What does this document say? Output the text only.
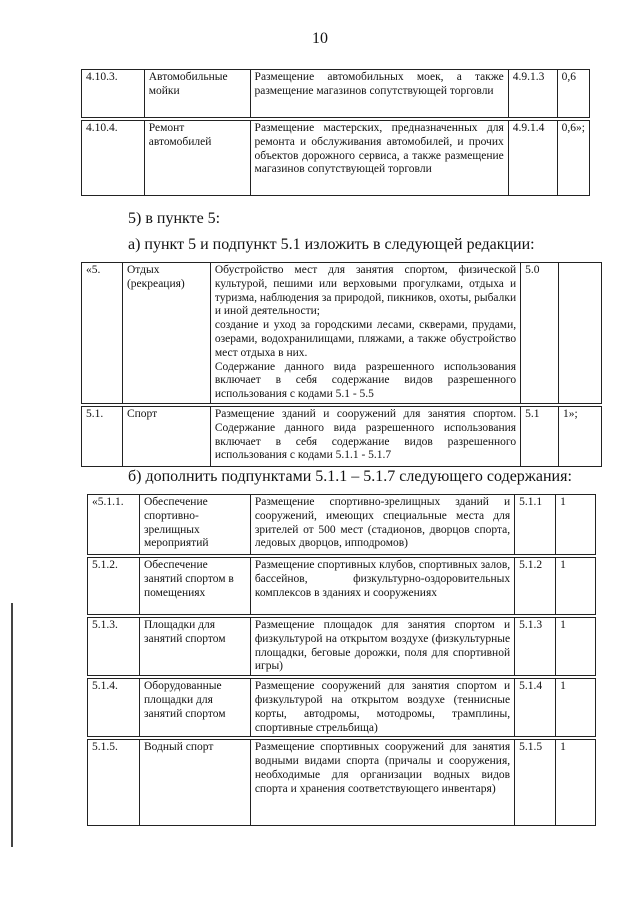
10
4.10.3.	Автомобильные мойки	Размещение автомобильных моек, а также размещение магазинов сопутствующей торговли	4.9.1.3	0,6

4.10.4.	Ремонт автомобилей	Размещение мастерских, предназначенных для ремонта и обслуживания автомобилей, и прочих объектов дорожного сервиса, а также размещение магазинов сопутствующей торговли	4.9.1.4	0,6»;
5) в пункте 5:
а) пункт 5 и подпункт 5.1 изложить в следующей редакции:
«5.	Отдых (рекреация)	Обустройство мест для занятия спортом, физической культурой, пешими или верховыми прогулками, отдыха и туризма, наблюдения за природой, пикников, охоты, рыбалки и иной деятельности;
создание и уход за городскими лесами, скверами, прудами, озерами, водохранилищами, пляжами, а также обустройство мест отдыха в них.
Содержание данного вида разрешенного использования включает в себя содержание видов разрешенного использования с кодами 5.1 - 5.5	5.0	

5.1.	Спорт	Размещение зданий и сооружений для занятия спортом. Содержание данного вида разрешенного использования включает в себя содержание видов разрешенного использования с кодами 5.1.1 - 5.1.7	5.1	1»;
б) дополнить подпунктами 5.1.1 – 5.1.7 следующего содержания:
«5.1.1.	Обеспечение спортивно-зрелищных мероприятий	Размещение спортивно-зрелищных зданий и сооружений, имеющих специальные места для зрителей от 500 мест (стадионов, дворцов спорта, ледовых дворцов, ипподромов)	5.1.1	1

5.1.2.	Обеспечение занятий спортом в помещениях	Размещение спортивных клубов, спортивных залов, бассейнов, физкультурно-оздоровительных комплексов в зданиях и сооружениях	5.1.2	1

5.1.3.	Площадки для занятий спортом	Размещение площадок для занятия спортом и физкультурой на открытом воздухе (физкультурные площадки, беговые дорожки, поля для спортивной игры)	5.1.3	1

5.1.4.	Оборудованные площадки для занятий спортом	Размещение сооружений для занятия спортом и физкультурой на открытом воздухе (теннисные корты, автодромы, мотодромы, трамплины, спортивные стрельбища)	5.1.4	1

5.1.5.	Водный спорт	Размещение спортивных сооружений для занятия водными видами спорта (причалы и сооружения, необходимые для организации водных видов спорта и хранения соответствующего инвентаря)	5.1.5	1
